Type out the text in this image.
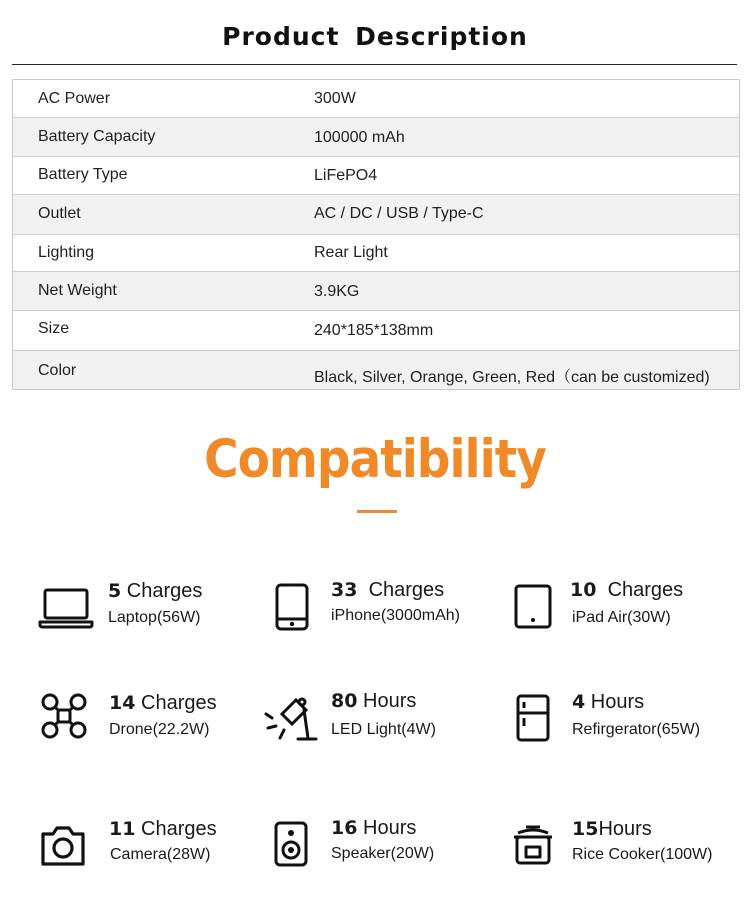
Product Description
AC Power	300W
Battery Capacity	100000 mAh
Battery Type	LiFePO4
Outlet	AC / DC / USB / Type-C
Lighting	Rear Light
Net Weight	3.9KG
Size	240*185*138mm
Color	Black, Silver, Orange, Green, Red（can be customized)
Compatibility
5 Charges
Laptop(56W)
33 Charges
iPhone(3000mAh)
10 Charges
iPad Air(30W)
14 Charges
Drone(22.2W)
80 Hours
LED Light(4W)
4 Hours
Refirgerator(65W)
11 Charges
Camera(28W)
16 Hours
Speaker(20W)
15Hours
Rice Cooker(100W)
